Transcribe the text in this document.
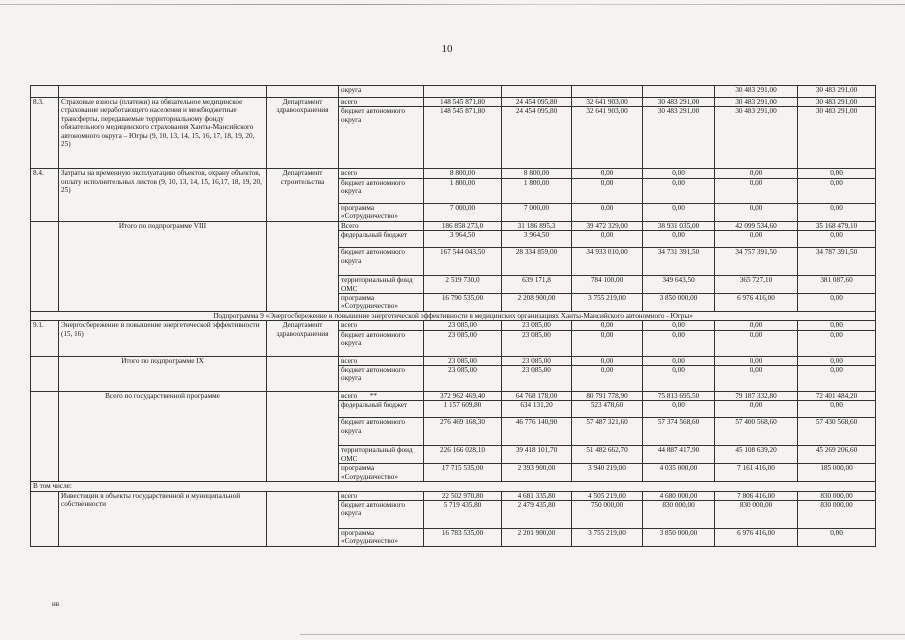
10
			округа					30 483 291,00	30 483 291,00
8.3.	Страховые взносы (платежи) на обязательное медицинское страхование неработающего населения и межбюджетные трансферты, передаваемые территориальному фонду обязательного медицинского страхования Ханты-Мансийского автономного округа – Югры (9, 10, 13, 14, 15, 16, 17, 18, 19, 20, 25)	Департамент здравоохранения	всего	148 545 871,80	24 454 095,80	32 641 903,00	30 483 291,00	30 483 291,00	30 483 291,00
			бюджет автономного округа	148 545 871,80	24 454 095,80	32 641 903,00	30 483 291,00	30 483 291,00	30 483 291,00
8.4.	Затраты на временную эксплуатацию объектов, охрану объектов, оплату исполнительных листов (9, 10, 13, 14, 15, 16,17, 18, 19, 20, 25)	Департамент строительства	всего	8 800,00	8 800,00	0,00	0,00	0,00	0,00
			бюджет автономного округа	1 800,00	1 800,00	0,00	0,00	0,00	0,00
			программа «Сотрудничество»	7 000,00	7 000,00	0,00	0,00	0,00	0,00
	Итого по подпрограмме VIII		Всего	186 858 273,0	31 186 895,3	39 472 329,00	38 931 035,00	42 099 534,60	35 168 479,10
			федеральный бюджет	3 964,50	3 964,50	0,00	0,00	0,00	0,00
			бюджет автономного округа	167 544 043,50	28 334 859,00	34 933 010,00	34 731 391,50	34 757 391,50	34 787 391,50
			территориальный фонд ОМС	2 519 730,0	639 171,8	784 100,00	349 643,50	365 727,10	381 087,60
			программа «Сотрудничество»	16 790 535,00	2 208 900,00	3 755 219,00	3 850 000,00	6 976 416,00	0,00
Подпрограмма 9 «Энергосбережение и повышение энергетической эффективности в медицинских организациях Ханты-Мансийского автономного - Югры»									
9.1.	Энергосбережение и повышение энергетической эффективности (15, 16)	Департамент здравоохранения	всего	23 085,00	23 085,00	0,00	0,00	0,00	0,00
			бюджет автономного округа	23 085,00	23 085,00	0,00	0,00	0,00	0,00
	Итого по подпрограмме IX		всего	23 085,00	23 085,00	0,00	0,00	0,00	0,00
			бюджет автономного округа	23 085,00	23 085,00	0,00	0,00	0,00	0,00
	Всего по государственной программе		всего **	372 962 469,40	64 768 178,00	80 791 778,90	75 813 695,50	79 187 332,80	72 401 484,20
			федеральный бюджет	1 157 609,80	634 131,20	523 478,60	0,00	0,00	0,00
			бюджет автономного округа	276 469 168,30	46 776 140,90	57 487 321,60	57 374 568,60	57 400 568,60	57 430 568,60
			территориальный фонд ОМС	226 166 028,10	39 418 101,70	51 482 662,70	44 887 417,90	45 108 639,20	45 269 206,60
			программа «Сотрудничество»	17 715 535,00	2 393 900,00	3 940 219,00	4 035 000,00	7 161 416,00	185 000,00
В том числе:									
	Инвестиции в объекты государственной и муниципальной собственности		всего	22 502 970,80	4 681 335,80	4 505 219,00	4 680 000,00	7 806 416,00	830 000,00
			бюджет автономного округа	5 719 435,80	2 479 435,80	750 000,00	830 000,00	830 000,00	830 000,00
			программа «Сотрудничество»	16 783 535,00	2 201 900,00	3 755 219,00	3 850 000,00	6 976 416,00	0,00
нв
